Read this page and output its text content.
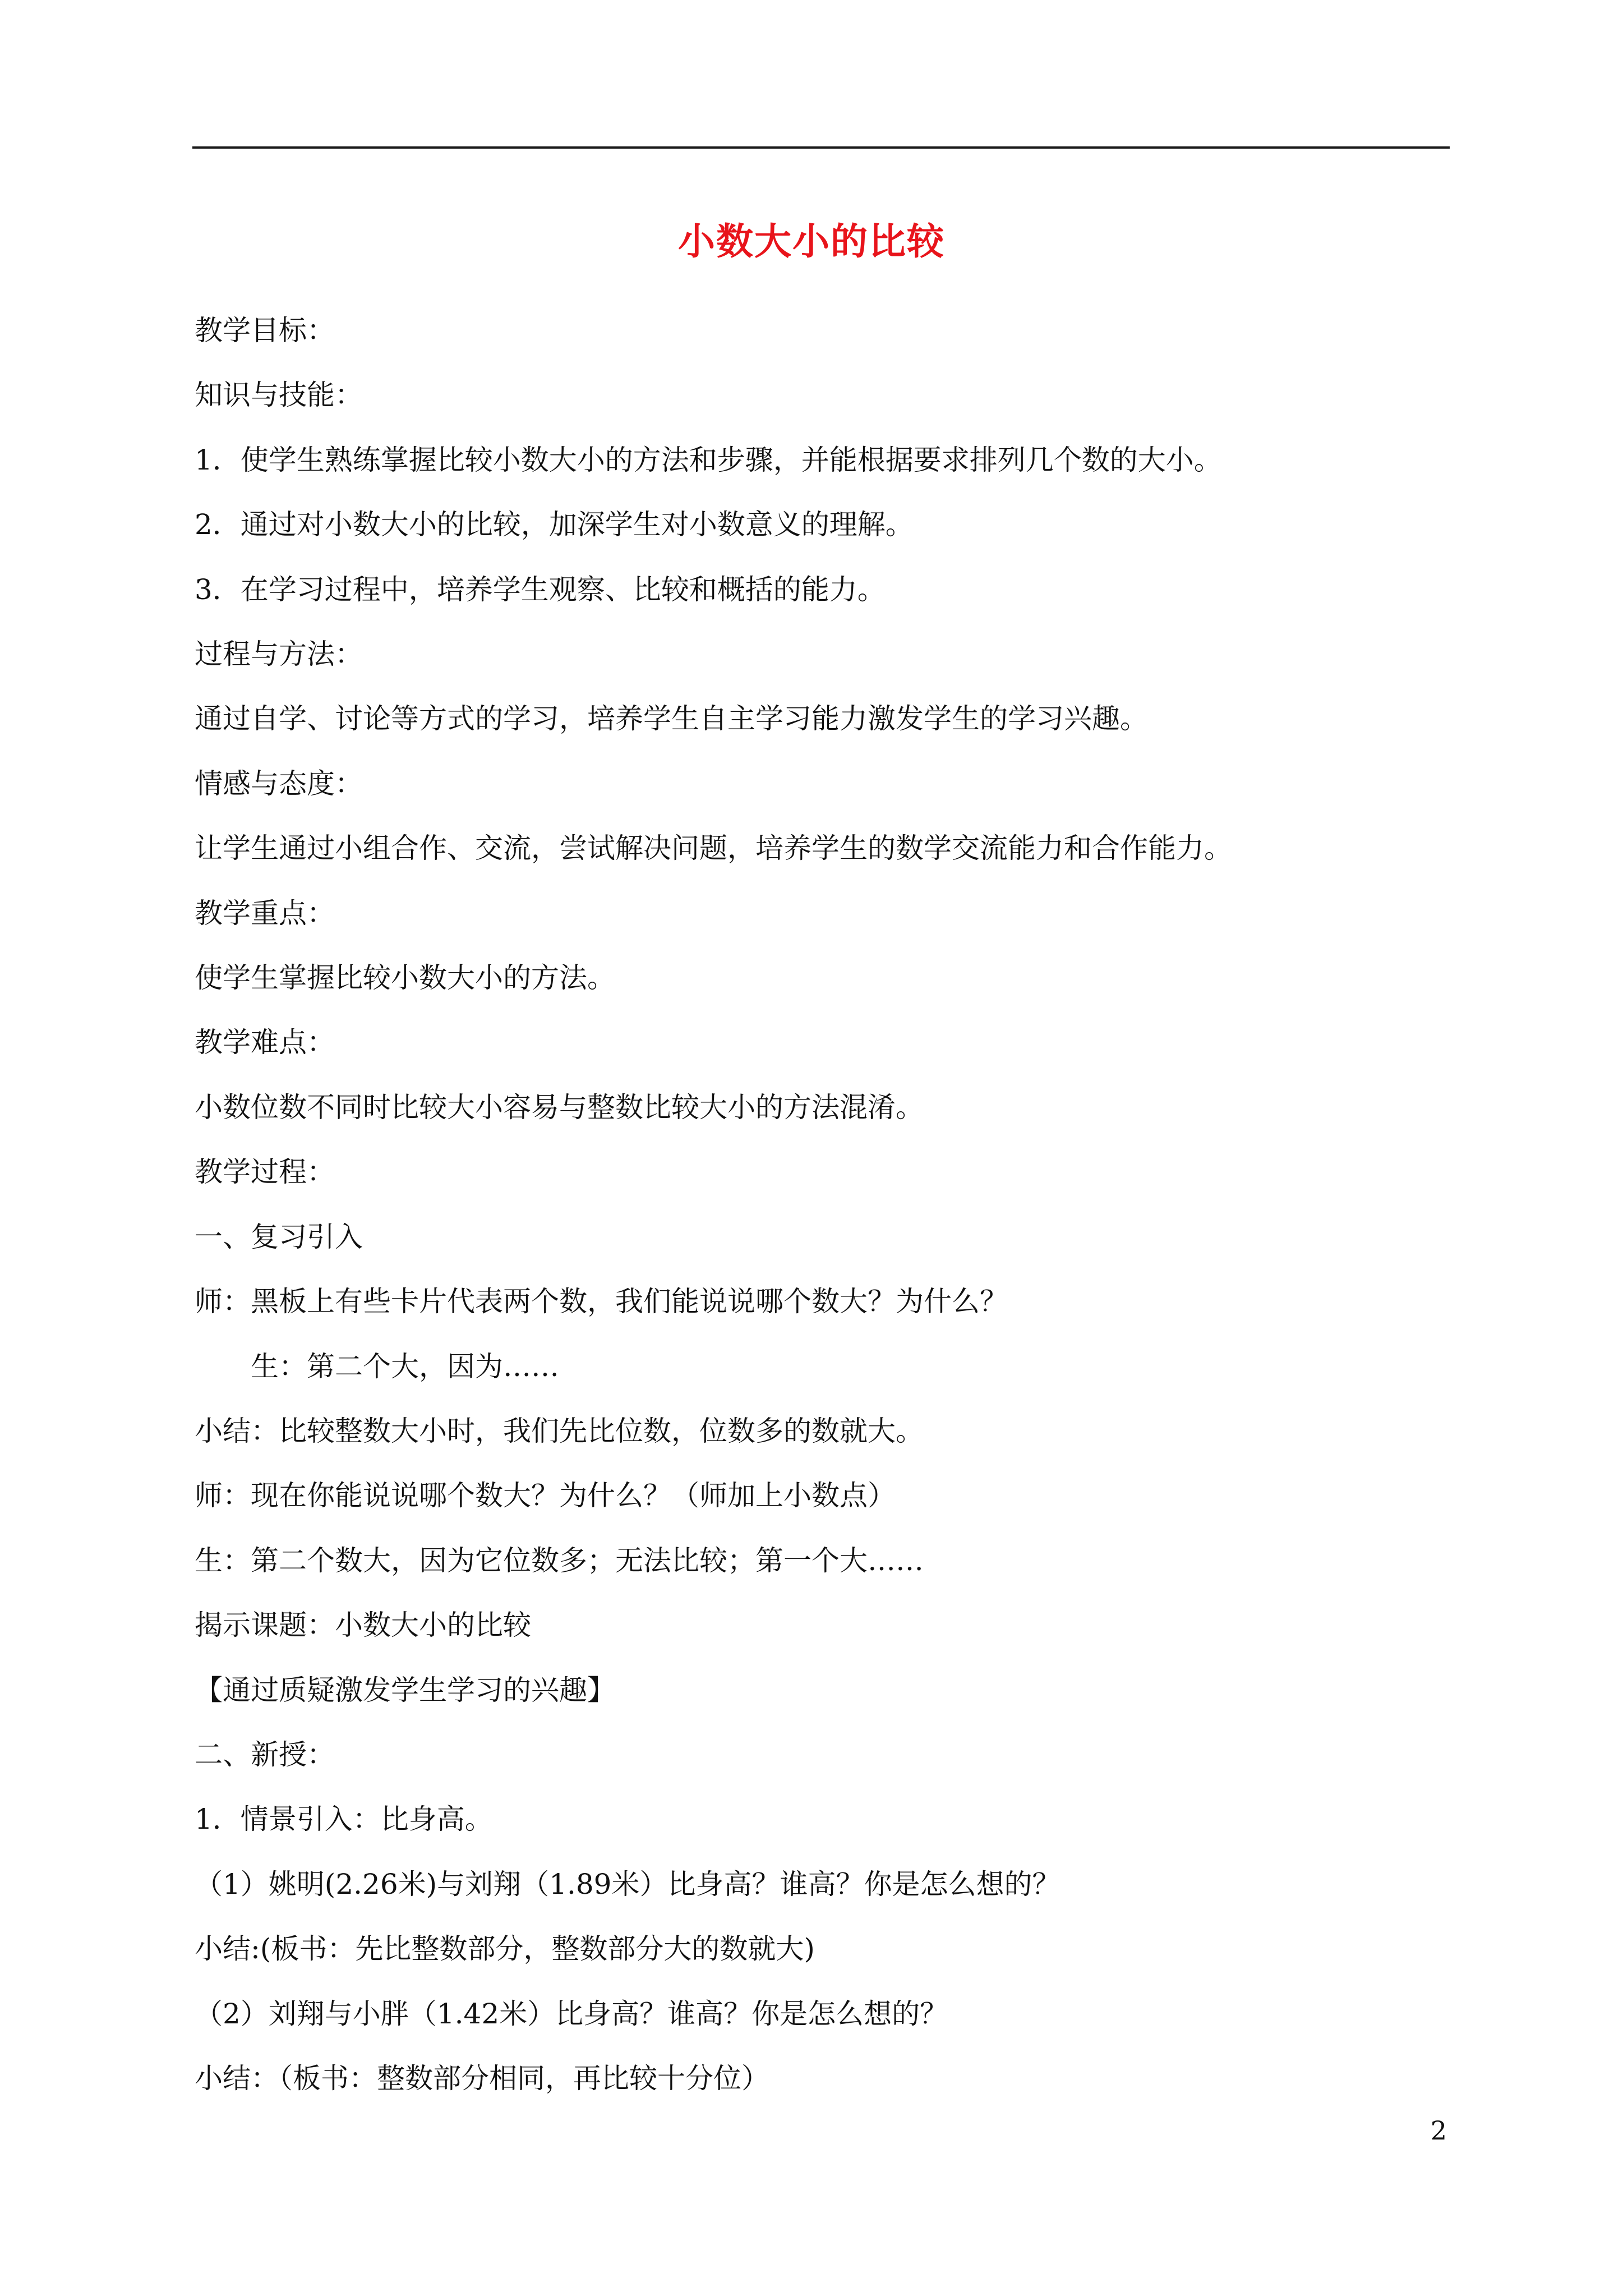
小数大小的比较
教学目标：
知识与技能：
1．使学生熟练掌握比较小数大小的方法和步骤，并能根据要求排列几个数的大小。
2．通过对小数大小的比较，加深学生对小数意义的理解。
3．在学习过程中，培养学生观察、比较和概括的能力。
过程与方法：
通过自学、讨论等方式的学习，培养学生自主学习能力激发学生的学习兴趣。
情感与态度：
让学生通过小组合作、交流，尝试解决问题，培养学生的数学交流能力和合作能力。
教学重点：
使学生掌握比较小数大小的方法。
教学难点：
小数位数不同时比较大小容易与整数比较大小的方法混淆。
教学过程：
一、复习引入
师：黑板上有些卡片代表两个数，我们能说说哪个数大？为什么？
生：第二个大，因为……
小结：比较整数大小时，我们先比位数，位数多的数就大。
师：现在你能说说哪个数大？为什么？（师加上小数点）
生：第二个数大，因为它位数多；无法比较；第一个大……
揭示课题：小数大小的比较
【通过质疑激发学生学习的兴趣】
二、新授：
1．情景引入：比身高。
（1）姚明(2.26米)与刘翔（1.89米）比身高？谁高？你是怎么想的？
小结:(板书：先比整数部分，整数部分大的数就大)
（2）刘翔与小胖（1.42米）比身高？谁高？你是怎么想的？
小结：（板书：整数部分相同，再比较十分位）
2
